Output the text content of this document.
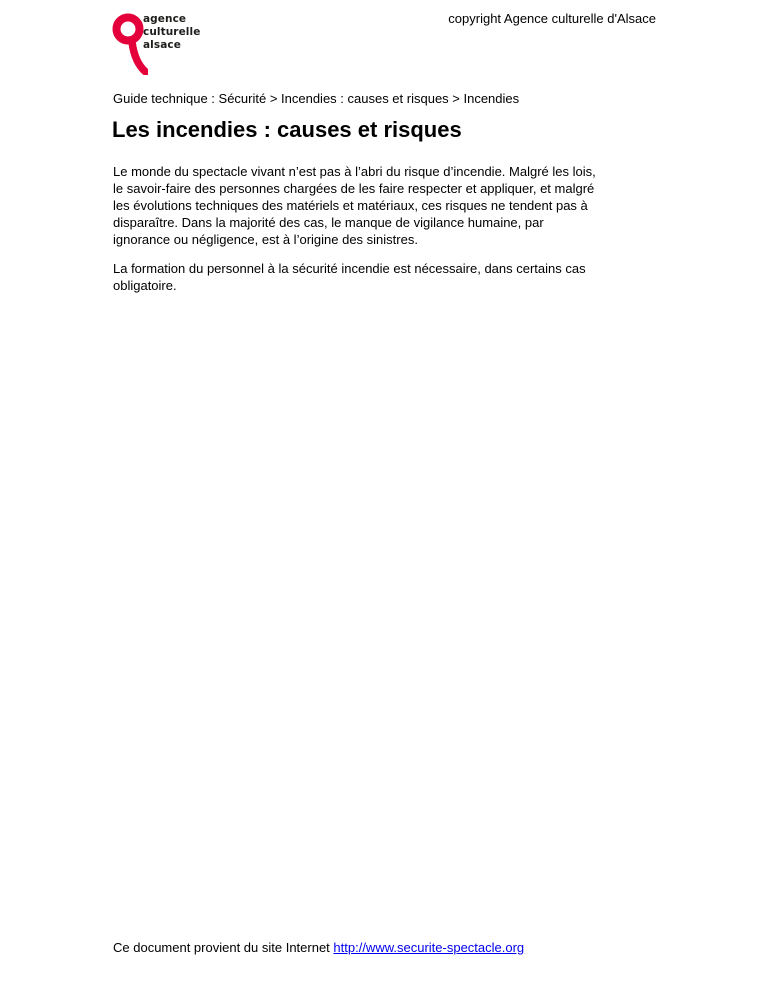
agence
culturelle
alsace
copyright Agence culturelle d'Alsace
Guide technique : Sécurité > Incendies : causes et risques > Incendies
Les incendies : causes et risques

Le monde du spectacle vivant n’est pas à l’abri du risque d’incendie. Malgré les lois,
le savoir-faire des personnes chargées de les faire respecter et appliquer, et malgré
les évolutions techniques des matériels et matériaux, ces risques ne tendent pas à
disparaître. Dans la majorité des cas, le manque de vigilance humaine, par
ignorance ou négligence, est à l’origine des sinistres.

La formation du personnel à la sécurité incendie est nécessaire, dans certains cas
obligatoire.

Ce document provient du site Internet http://www.securite-spectacle.org
